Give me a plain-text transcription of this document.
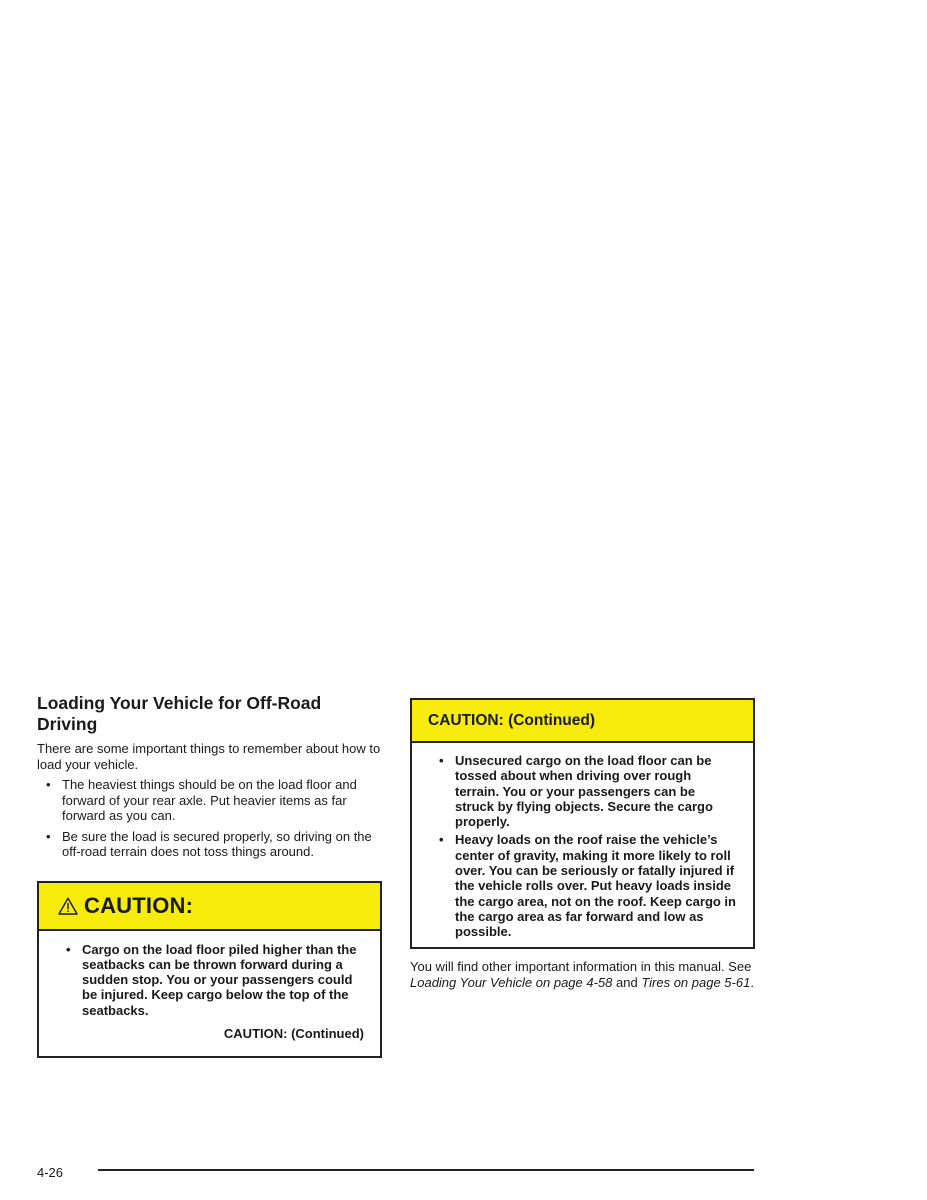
Loading Your Vehicle for Off-Road Driving

There are some important things to remember about how to load your vehicle.

• The heaviest things should be on the load floor and forward of your rear axle. Put heavier items as far forward as you can.
• Be sure the load is secured properly, so driving on the off-road terrain does not toss things around.
CAUTION:
• Cargo on the load floor piled higher than the seatbacks can be thrown forward during a sudden stop. You or your passengers could be injured. Keep cargo below the top of the seatbacks.
CAUTION: (Continued)
CAUTION: (Continued)
• Unsecured cargo on the load floor can be tossed about when driving over rough terrain. You or your passengers can be struck by flying objects. Secure the cargo properly.
• Heavy loads on the roof raise the vehicle’s center of gravity, making it more likely to roll over. You can be seriously or fatally injured if the vehicle rolls over. Put heavy loads inside the cargo area, not on the roof. Keep cargo in the cargo area as far forward and low as possible.

You will find other important information in this manual. See Loading Your Vehicle on page 4-58 and Tires on page 5-61.

4-26
